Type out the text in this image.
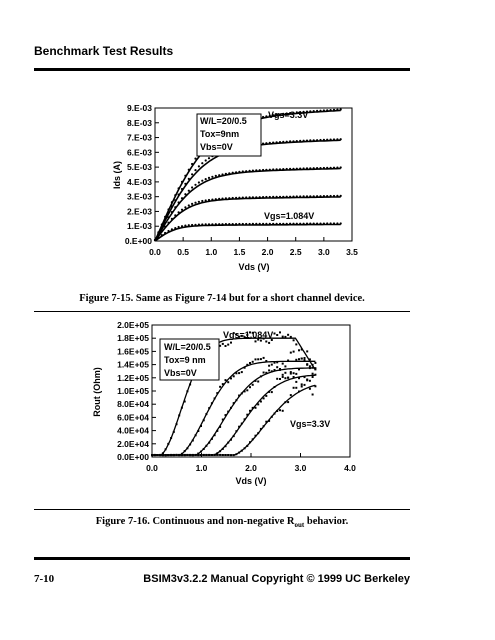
Benchmark Test Results
0.E+00
1.E-03
2.E-03
3.E-03
4.E-03
5.E-03
6.E-03
7.E-03
8.E-03
9.E-03
0.0 0.5 1.0 1.5 2.0 2.5 3.0 3.5
W/L=20/0.5
Tox=9nm
Vbs=0V
Vgs=3.3V
Vgs=1.084V
Vds (V)
Ids (A)
Figure 7-15. Same as Figure 7-14 but for a short channel device.
0.0E+00
2.0E+04
4.0E+04
6.0E+04
8.0E+04
1.0E+05
1.2E+05
1.4E+05
1.6E+05
1.8E+05
2.0E+05
0.0	1.0	2.0	3.0	4.0
W/L=20/0.5
Tox=9 nm
Vbs=0V
Vgs=1.084V
Vgs=3.3V
Vds (V)
Rout (Ohm)
Figure 7-16. Continuous and non-negative $R_{out}$ behavior.
7-10	BSIM3v3.2.2 Manual Copyright © 1999 UC Berkeley
